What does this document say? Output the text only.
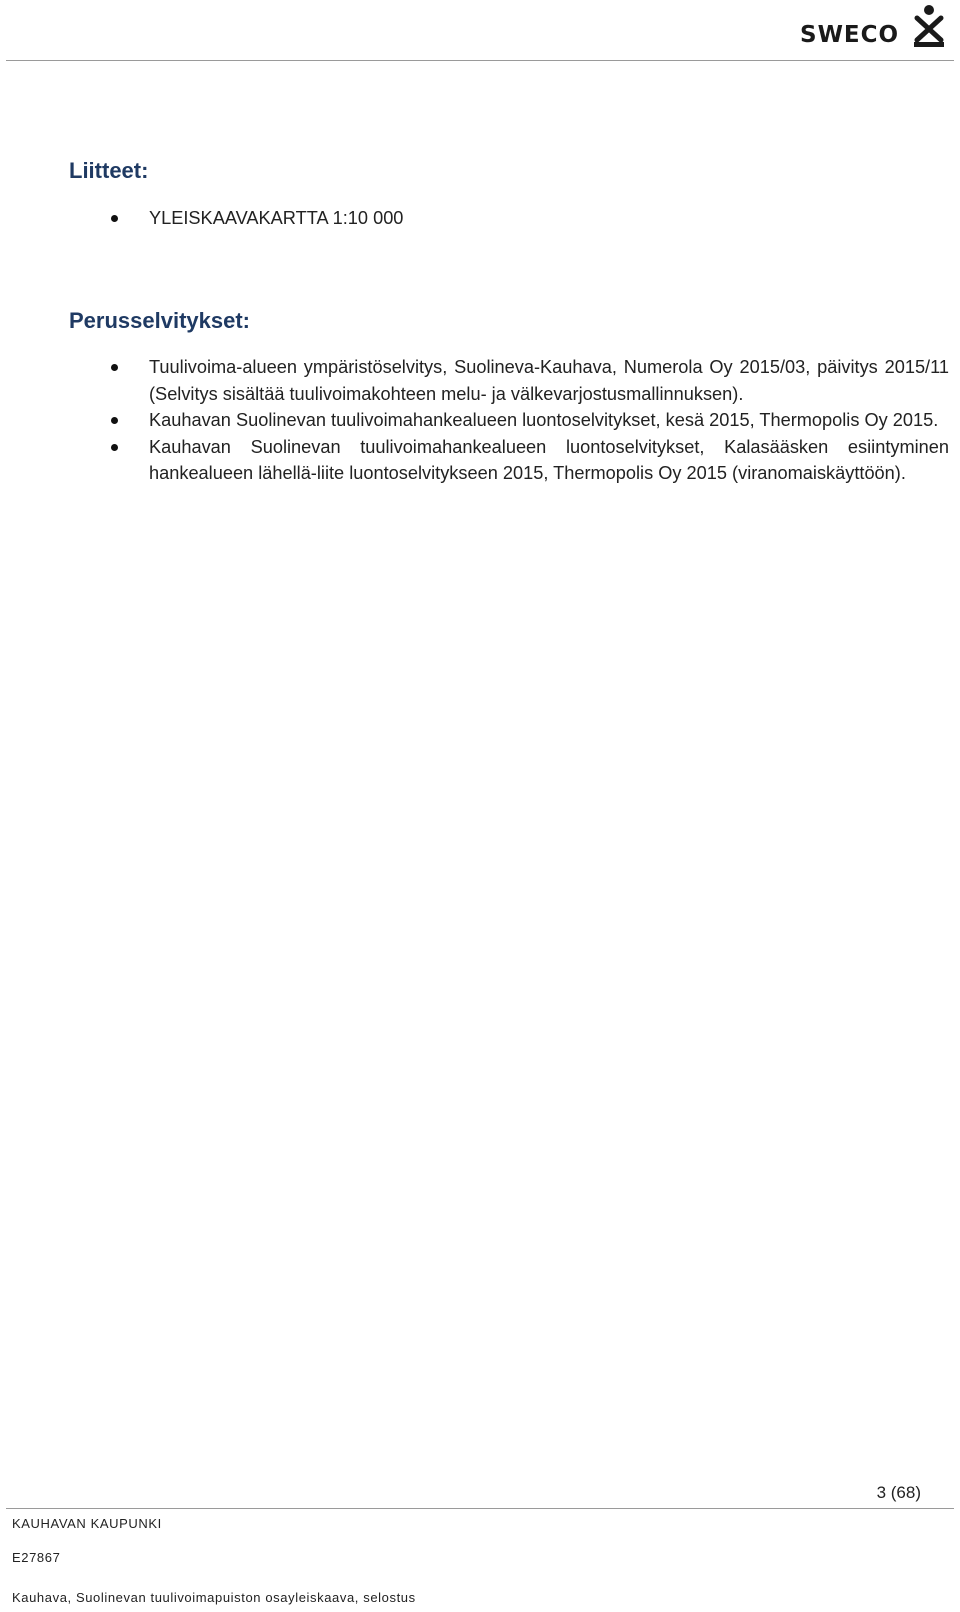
SWECO
Liitteet:
YLEISKAAVAKARTTA 1:10 000
Perusselvitykset:
Tuulivoima-alueen ympäristöselvitys, Suolineva-Kauhava, Numerola Oy 2015/03, päivitys 2015/11 (Selvitys sisältää tuulivoimakohteen melu- ja välkevarjostusmallinnuksen).
Kauhavan Suolinevan tuulivoimahankealueen luontoselvitykset, kesä 2015, Thermopolis Oy 2015.
Kauhavan Suolinevan tuulivoimahankealueen luontoselvitykset, Kalasääsken esiintyminen hankealueen lähellä-liite luontoselvitykseen 2015, Thermopolis Oy 2015 (viranomaiskäyttöön).
3 (68)
KAUHAVAN KAUPUNKI
E27867
Kauhava, Suolinevan tuulivoimapuiston osayleiskaava, selostus
